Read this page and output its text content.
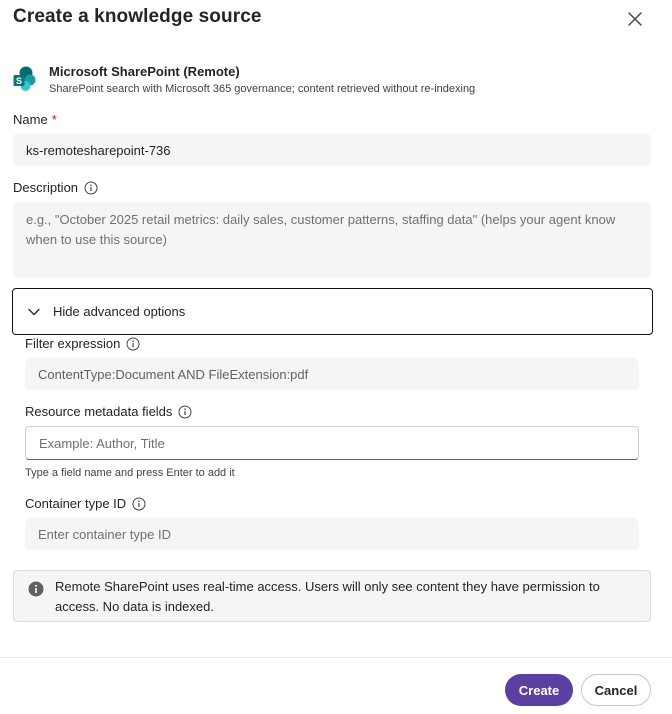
Create a knowledge source
S
Microsoft SharePoint (Remote)
SharePoint search with Microsoft 365 governance; content retrieved without re-indexing
Name *
ks-remotesharepoint-736
Description
e.g., "October 2025 retail metrics: daily sales, customer patterns, staffing data" (helps your agent know when to use this source)
Hide advanced options
Filter expression
ContentType:Document AND FileExtension:pdf
Resource metadata fields
Example: Author, Title
Type a field name and press Enter to add it
Container type ID
Enter container type ID
Remote SharePoint uses real-time access. Users will only see content they have permission to access. No data is indexed.
Create	Cancel
